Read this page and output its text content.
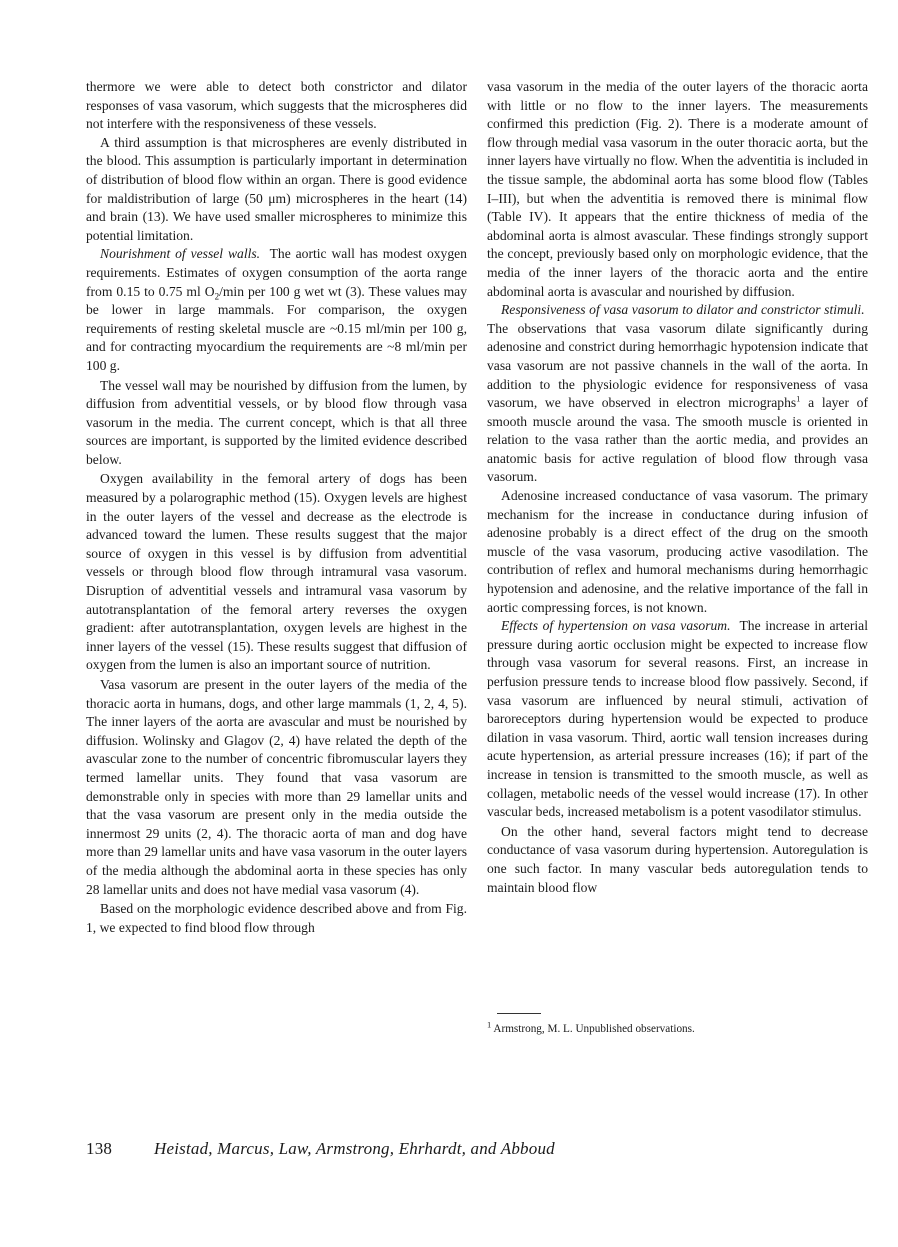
thermore we were able to detect both constrictor and dilator responses of vasa vasorum, which suggests that the microspheres did not interfere with the responsiveness of these vessels.

A third assumption is that microspheres are evenly distributed in the blood. This assumption is particularly important in determination of distribution of blood flow within an organ. There is good evidence for maldistribution of large (50 μm) microspheres in the heart (14) and brain (13). We have used smaller microspheres to minimize this potential limitation.

Nourishment of vessel walls. The aortic wall has modest oxygen requirements. Estimates of oxygen consumption of the aorta range from 0.15 to 0.75 ml $O_2/\min$ per 100 g wet wt (3). These values may be lower in large mammals. For comparison, the oxygen requirements of resting skeletal muscle are ~0.15 ml/min per 100 g, and for contracting myocardium the requirements are ~8 ml/min per 100 g.

The vessel wall may be nourished by diffusion from the lumen, by diffusion from adventitial vessels, or by blood flow through vasa vasorum in the media. The current concept, which is that all three sources are important, is supported by the limited evidence described below.

Oxygen availability in the femoral artery of dogs has been measured by a polarographic method (15). Oxygen levels are highest in the outer layers of the vessel and decrease as the electrode is advanced toward the lumen. These results suggest that the major source of oxygen in this vessel is by diffusion from adventitial vessels or through blood flow through intramural vasa vasorum. Disruption of adventitial vessels and intramural vasa vasorum by autotransplantation of the femoral artery reverses the oxygen gradient: after autotransplantation, oxygen levels are highest in the inner layers of the vessel (15). These results suggest that diffusion of oxygen from the lumen is also an important source of nutrition.

Vasa vasorum are present in the outer layers of the media of the thoracic aorta in humans, dogs, and other large mammals (1, 2, 4, 5). The inner layers of the aorta are avascular and must be nourished by diffusion. Wolinsky and Glagov (2, 4) have related the depth of the avascular zone to the number of concentric fibromuscular layers they termed lamellar units. They found that vasa vasorum are demonstrable only in species with more than 29 lamellar units and that the vasa vasorum are present only in the media outside the innermost 29 units (2, 4). The thoracic aorta of man and dog have more than 29 lamellar units and have vasa vasorum in the outer layers of the media although the abdominal aorta in these species has only 28 lamellar units and does not have medial vasa vasorum (4).

Based on the morphologic evidence described above and from Fig. 1, we expected to find blood flow through

vasa vasorum in the media of the outer layers of the thoracic aorta with little or no flow to the inner layers. The measurements confirmed this prediction (Fig. 2). There is a moderate amount of flow through medial vasa vasorum in the outer thoracic aorta, but the inner layers have virtually no flow. When the adventitia is included in the tissue sample, the abdominal aorta has some blood flow (Tables I–III), but when the adventitia is removed there is minimal flow (Table IV). It appears that the entire thickness of media of the abdominal aorta is almost avascular. These findings strongly support the concept, previously based only on morphologic evidence, that the media of the inner layers of the thoracic aorta and the entire abdominal aorta is avascular and nourished by diffusion.

Responsiveness of vasa vasorum to dilator and constrictor stimuli.  The observations that vasa vasorum dilate significantly during adenosine and constrict during hemorrhagic hypotension indicate that vasa vasorum are not passive channels in the wall of the aorta. In addition to the physiologic evidence for responsiveness of vasa vasorum, we have observed in electron micrographs$^1$ a layer of smooth muscle around the vasa. The smooth muscle is oriented in relation to the vasa rather than the aortic media, and provides an anatomic basis for active regulation of blood flow through vasa vasorum.

Adenosine increased conductance of vasa vasorum. The primary mechanism for the increase in conductance during infusion of adenosine probably is a direct effect of the drug on the smooth muscle of the vasa vasorum, producing active vasodilation. The contribution of reflex and humoral mechanisms during hemorrhagic hypotension and adenosine, and the relative importance of the fall in aortic compressing forces, is not known.

Effects of hypertension on vasa vasorum. The increase in arterial pressure during aortic occlusion might be expected to increase flow through vasa vasorum for several reasons. First, an increase in perfusion pressure tends to increase blood flow passively. Second, if vasa vasorum are influenced by neural stimuli, activation of baroreceptors during hypertension would be expected to produce dilation in vasa vasorum. Third, aortic wall tension increases during acute hypertension, as arterial pressure increases (16); if part of the increase in tension is transmitted to the smooth muscle, as well as collagen, metabolic needs of the vessel would increase (17). In other vascular beds, increased metabolism is a potent vasodilator stimulus.

On the other hand, several factors might tend to decrease conductance of vasa vasorum during hypertension. Autoregulation is one such factor. In many vascular beds autoregulation tends to maintain blood flow

$^1$ Armstrong, M. L. Unpublished observations.
138 Heistad, Marcus, Law, Armstrong, Ehrhardt, and Abboud
